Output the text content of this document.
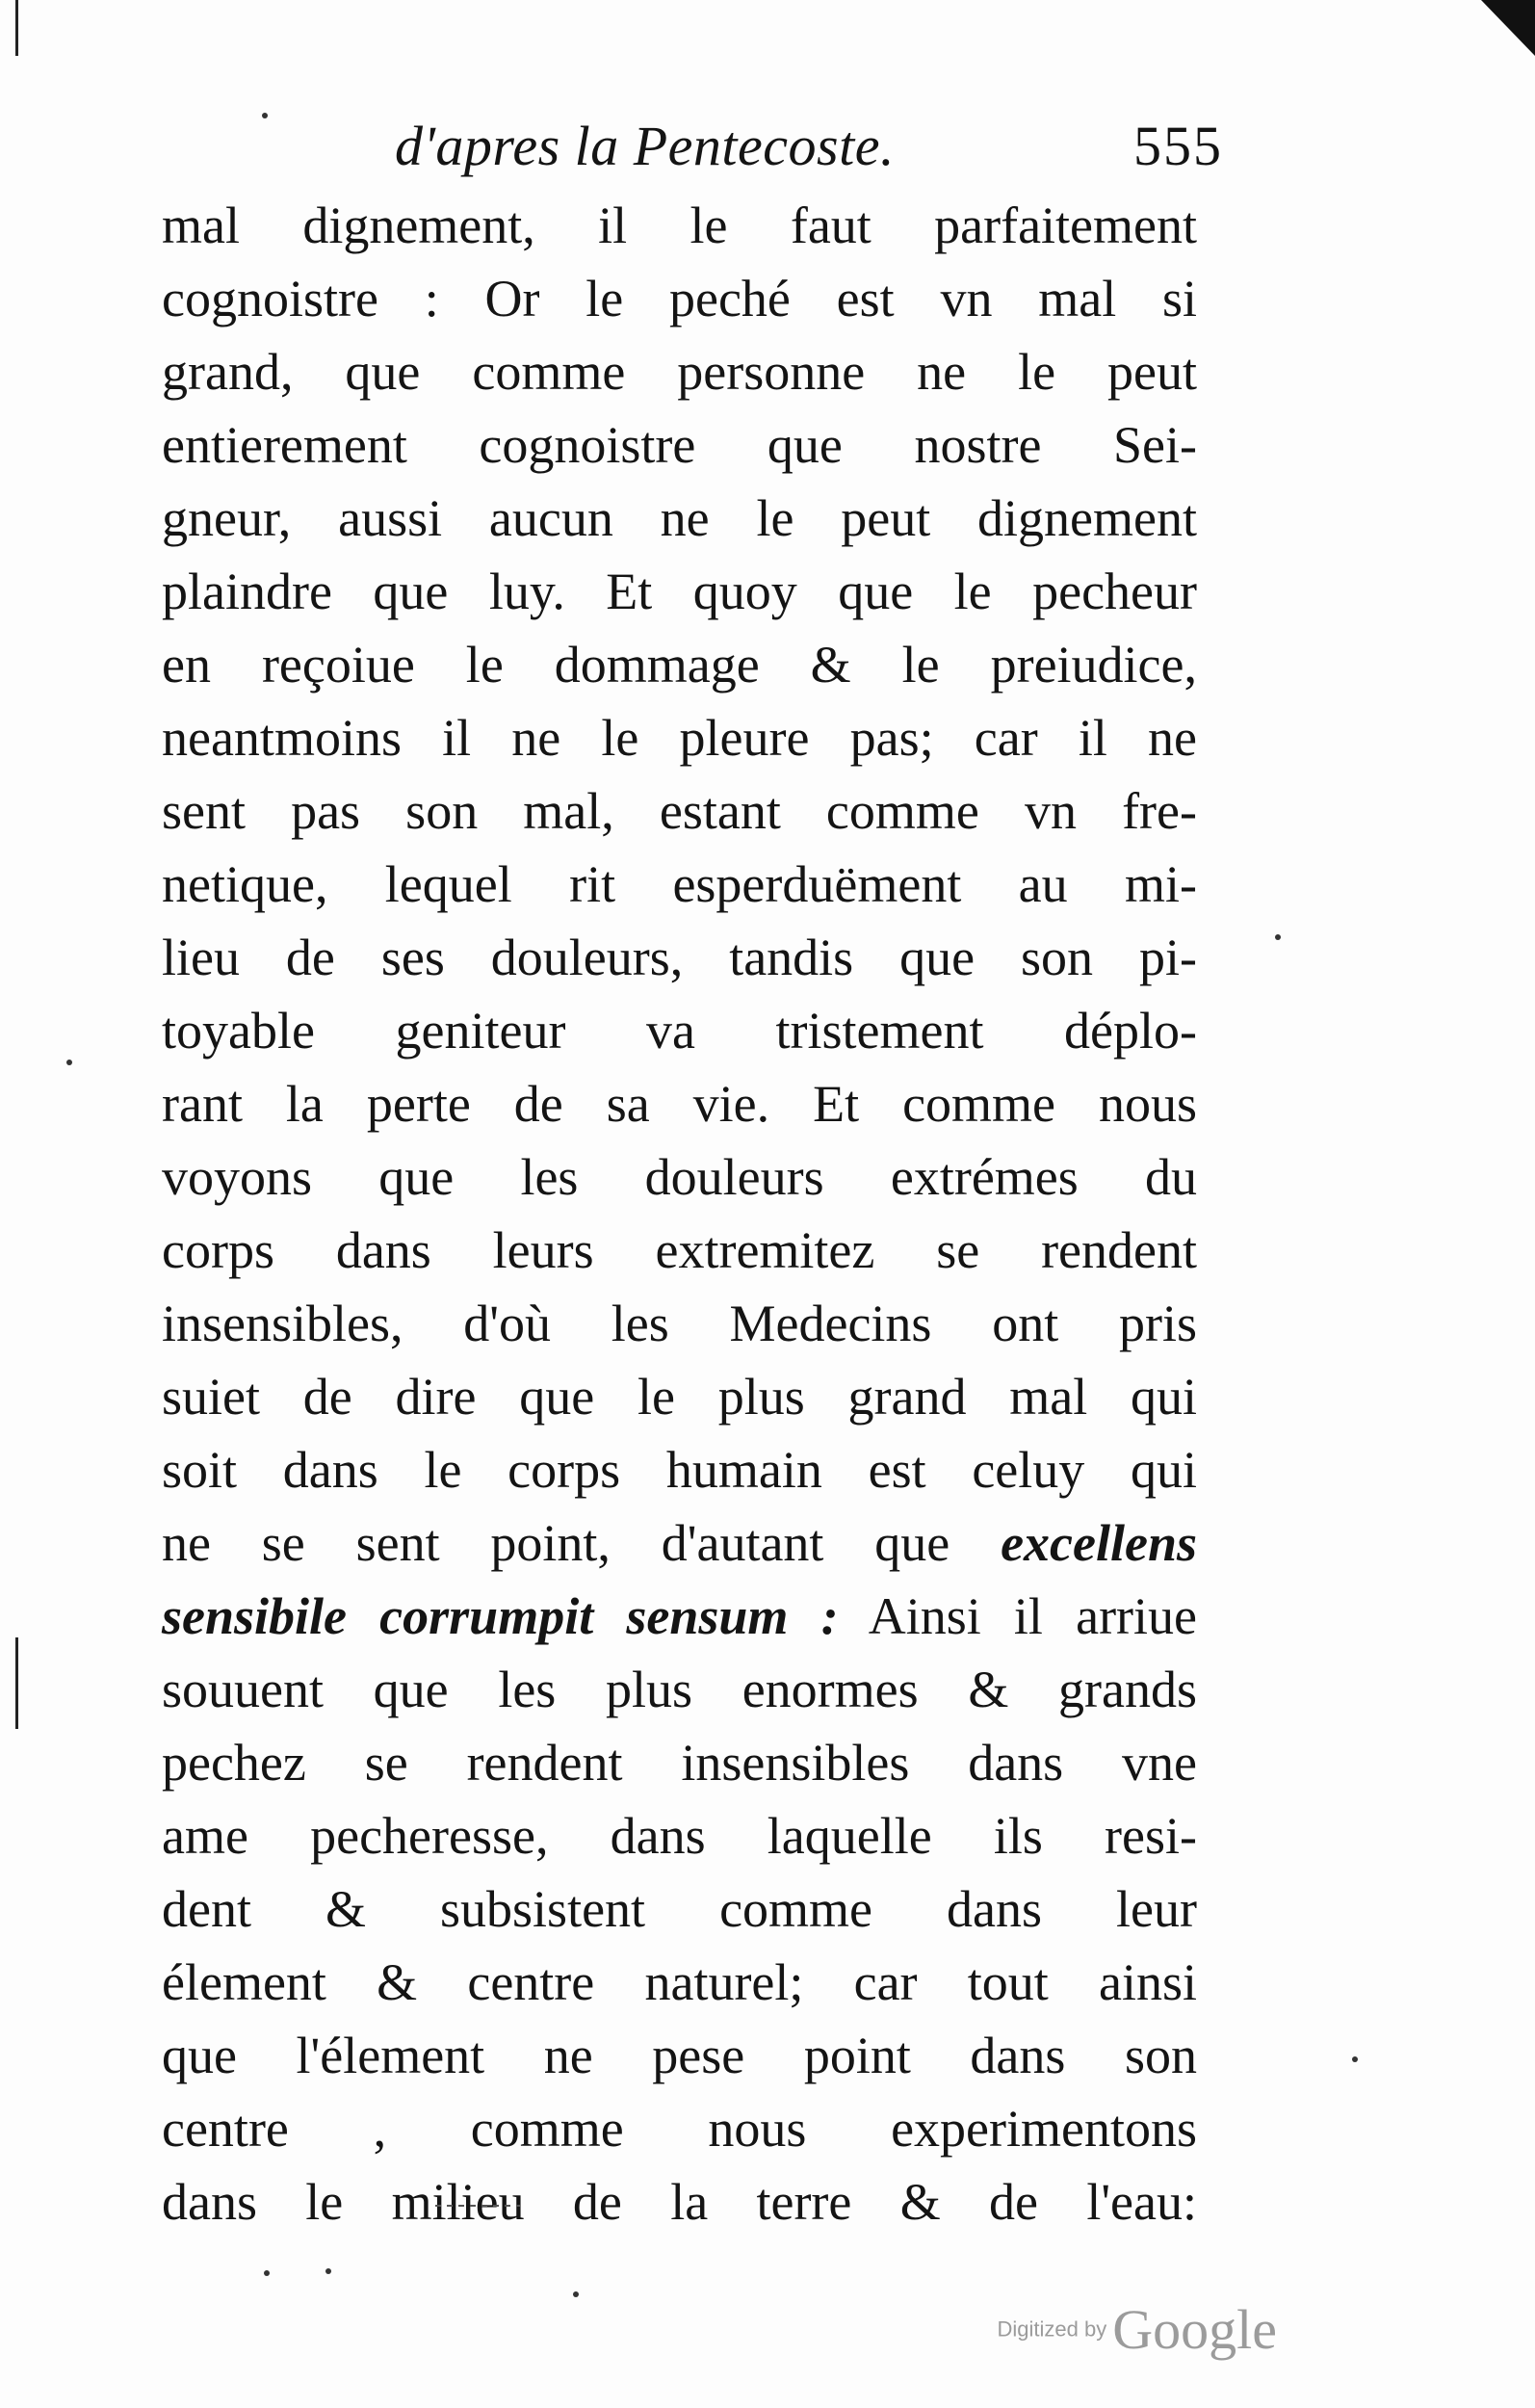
d'apres la Pentecoste.	555
mal dignement, il le faut parfaitement
cognoistre : Or le peché est vn mal si
grand, que comme personne ne le peut
entierement cognoistre que nostre Sei-
gneur, aussi aucun ne le peut dignement
plaindre que luy. Et quoy que le pecheur
en reçoiue le dommage & le preiudice,
neantmoins il ne le pleure pas; car il ne
sent pas son mal, estant comme vn fre-
netique, lequel rit esperduëment au mi-
lieu de ses douleurs, tandis que son pi-
toyable geniteur va tristement déplo-
rant la perte de sa vie. Et comme nous
voyons que les douleurs extrémes du
corps dans leurs extremitez se rendent
insensibles, d'où les Medecins ont pris
suiet de dire que le plus grand mal qui
soit dans le corps humain est celuy qui
ne se sent point, d'autant que excellens
sensibile corrumpit sensum : Ainsi il arriue
souuent que les plus enormes & grands
pechez se rendent insensibles dans vne
ame pecheresse, dans laquelle ils resi-
dent & subsistent comme dans leur
élement & centre naturel; car tout ainsi
que l'élement ne pese point dans son
centre , comme nous experimentons
dans le milieu de la terre & de l'eau:
Digitized by Google
